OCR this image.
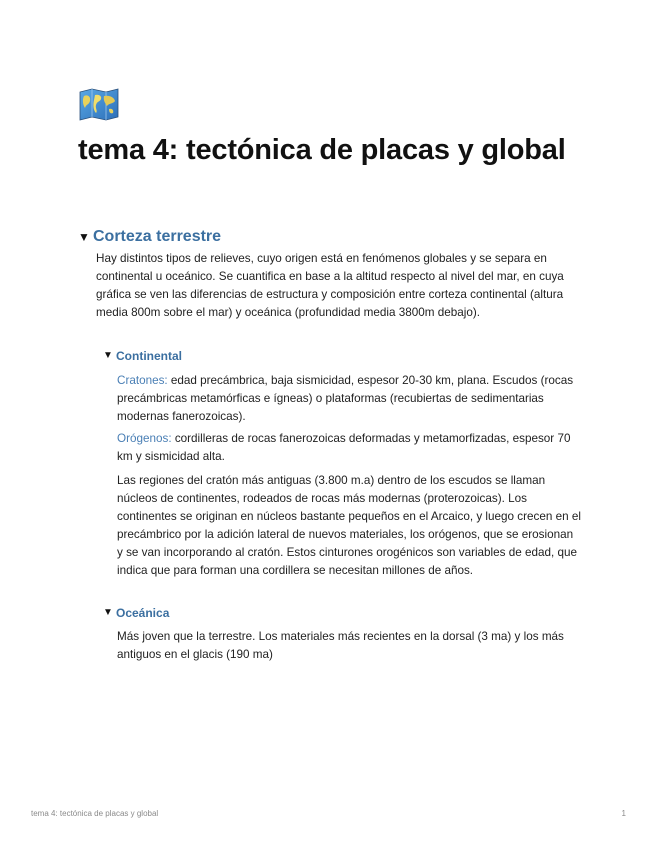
tema 4: tectónica de placas y global
▼ Corteza terrestre

Hay distintos tipos de relieves, cuyo origen está en fenómenos globales y se separa en continental u oceánico. Se cuantifica en base a la altitud respecto al nivel del mar, en cuya gráfica se ven las diferencias de estructura y composición entre corteza continental (altura media 800m sobre el mar) y oceánica (profundidad media 3800m debajo).

▼ Continental

Cratones: edad precámbrica, baja sismicidad, espesor 20-30 km, plana. Escudos (rocas precámbricas metamórficas e ígneas) o plataformas (recubiertas de sedimentarias modernas fanerozoicas).

Orógenos: cordilleras de rocas fanerozoicas deformadas y metamorfizadas, espesor 70 km y sismicidad alta.

Las regiones del cratón más antiguas (3.800 m.a) dentro de los escudos se llaman núcleos de continentes, rodeados de rocas más modernas (proterozoicas). Los continentes se originan en núcleos bastante pequeños en el Arcaico, y luego crecen en el precámbrico por la adición lateral de nuevos materiales, los orógenos, que se erosionan y se van incorporando al cratón. Estos cinturones orogénicos son variables de edad, que indica que para forman una cordillera se necesitan millones de años.

▼ Oceánica

Más joven que la terrestre. Los materiales más recientes en la dorsal (3 ma) y los más antiguos en el glacis (190 ma)

tema 4: tectónica de placas y global	1
